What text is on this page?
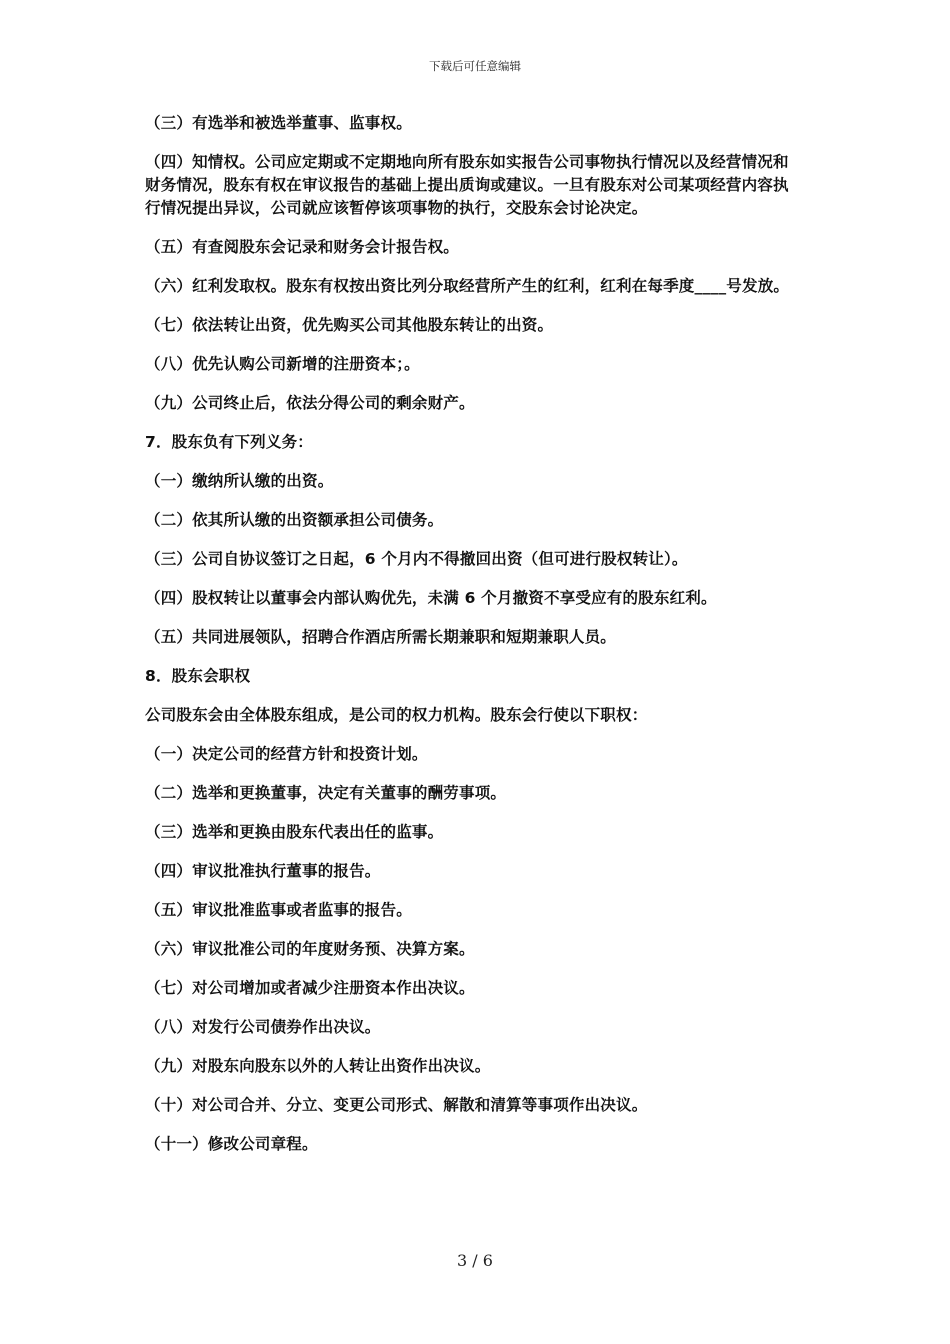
下载后可任意编辑

（三）有选举和被选举董事、监事权。

（四）知情权。公司应定期或不定期地向所有股东如实报告公司事物执行情况以及经营情况和财务情况，股东有权在审议报告的基础上提出质询或建议。一旦有股东对公司某项经营内容执行情况提出异议，公司就应该暂停该项事物的执行，交股东会讨论决定。

（五）有查阅股东会记录和财务会计报告权。

（六）红利发取权。股东有权按出资比列分取经营所产生的红利，红利在每季度____号发放。

（七）依法转让出资，优先购买公司其他股东转让的出资。

（八）优先认购公司新增的注册资本；。

（九）公司终止后，依法分得公司的剩余财产。

7．股东负有下列义务：

（一）缴纳所认缴的出资。

（二）依其所认缴的出资额承担公司债务。

（三）公司自协议签订之日起，6 个月内不得撤回出资（但可进行股权转让）。

（四）股权转让以董事会内部认购优先，未满 6 个月撤资不享受应有的股东红利。

（五）共同进展领队，招聘合作酒店所需长期兼职和短期兼职人员。

8．股东会职权

公司股东会由全体股东组成，是公司的权力机构。股东会行使以下职权：

（一）决定公司的经营方针和投资计划。

（二）选举和更换董事，决定有关董事的酬劳事项。

（三）选举和更换由股东代表出任的监事。

（四）审议批准执行董事的报告。

（五）审议批准监事或者监事的报告。

（六）审议批准公司的年度财务预、决算方案。

（七）对公司增加或者减少注册资本作出决议。

（八）对发行公司债券作出决议。

（九）对股东向股东以外的人转让出资作出决议。

（十）对公司合并、分立、变更公司形式、解散和清算等事项作出决议。

（十一）修改公司章程。

3 / 6
